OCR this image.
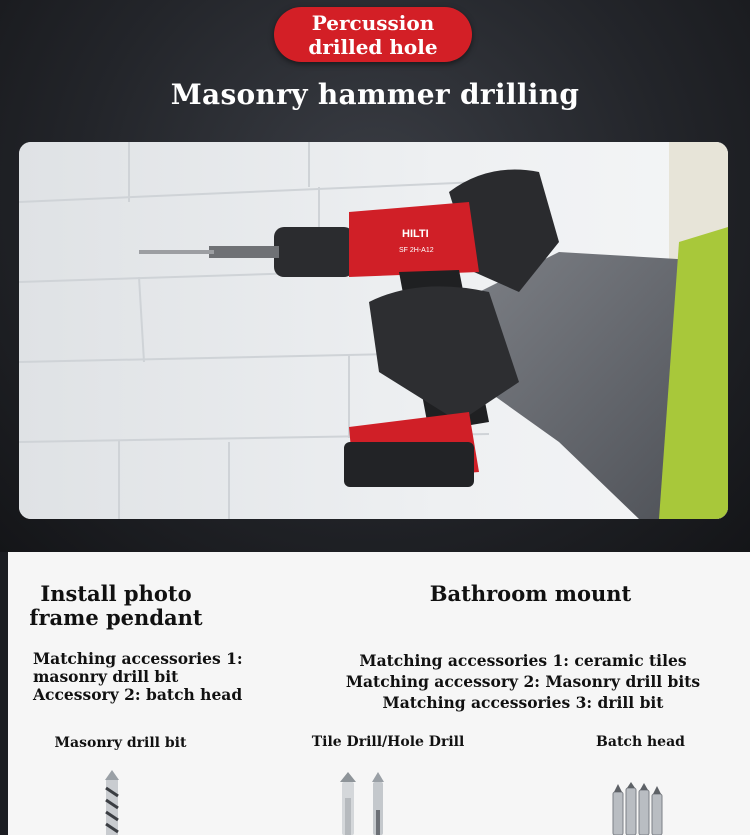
Percussion
drilled hole
Masonry hammer drilling
HILTI
SF 2H-A12
Install photo
frame pendant
Bathroom mount
Matching accessories 1:
masonry drill bit
Accessory 2: batch head
Matching accessories 1: ceramic tiles
Matching accessory 2: Masonry drill bits
Matching accessories 3: drill bit
Masonry drill bit	Tile Drill/Hole Drill	Batch head
